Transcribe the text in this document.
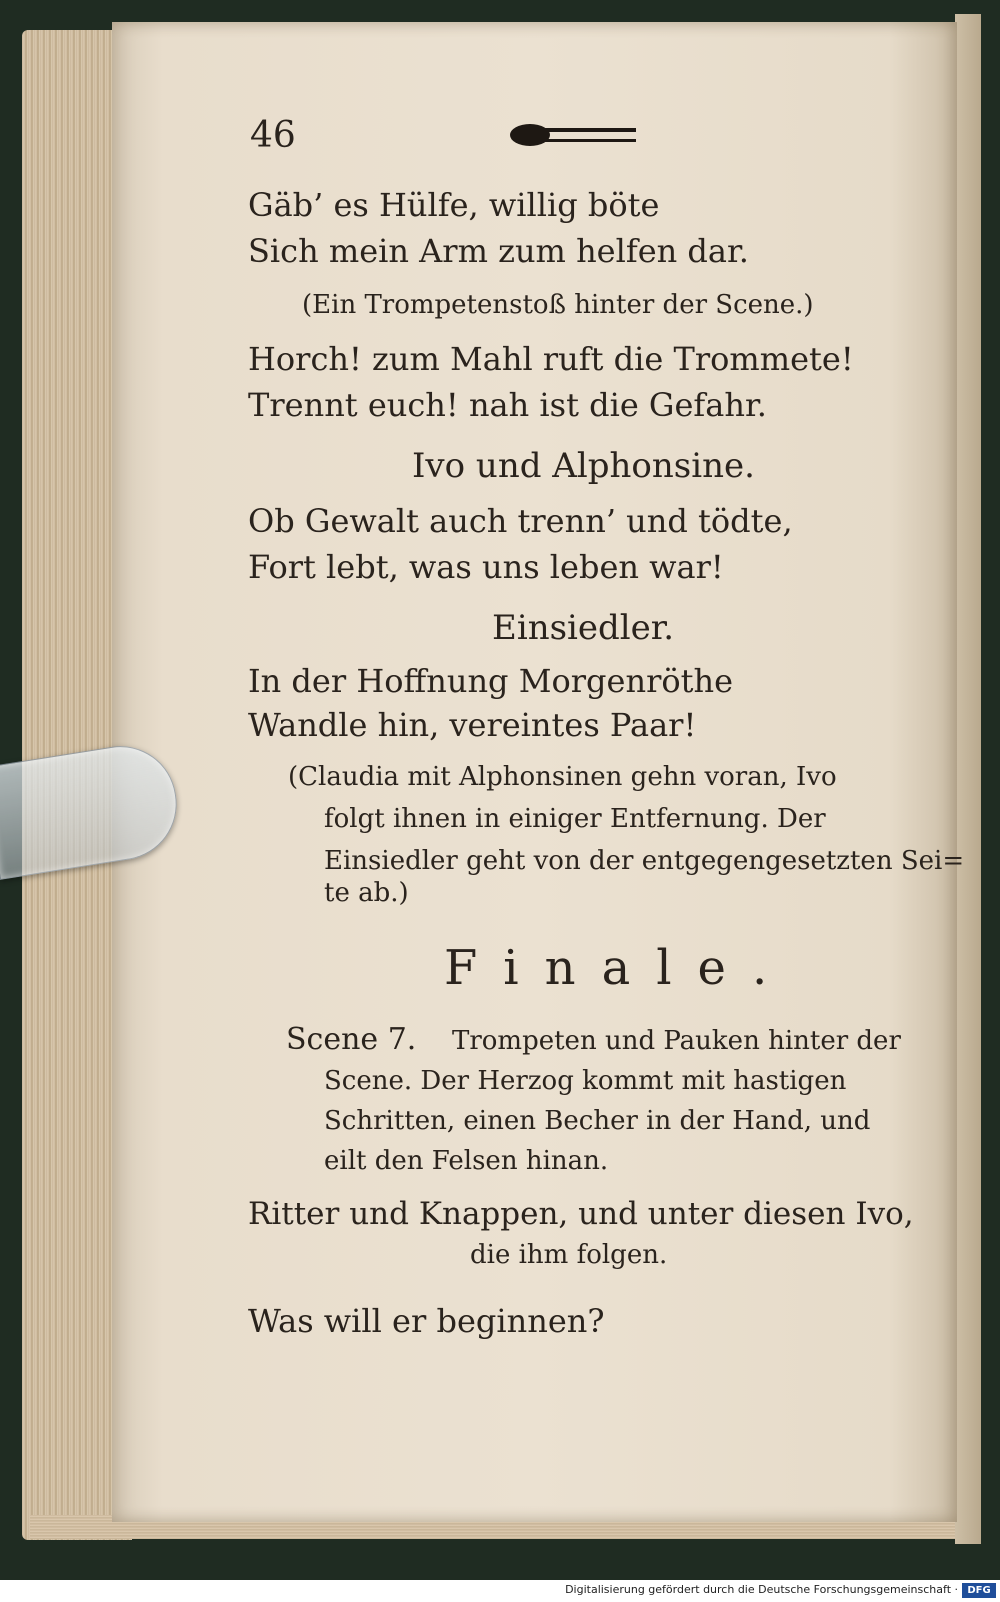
46
Gäb’ es Hülfe, willig böte
Sich mein Arm zum helfen dar.
(Ein Trompetenstoß hinter der Scene.)
Horch! zum Mahl ruft die Trommete!
Trennt euch! nah ist die Gefahr.
Ivo und Alphonsine.
Ob Gewalt auch trenn’ und tödte,
Fort lebt, was uns leben war!
Einsiedler.
In der Hoffnung Morgenröthe
Wandle hin, vereintes Paar!
(Claudia mit Alphonsinen gehn voran, Ivo
folgt ihnen in einiger Entfernung. Der
Einsiedler geht von der entgegengesetzten Sei=
te ab.)
Finale.
Scene 7. Trompeten und Pauken hinter der
Scene. Der Herzog kommt mit hastigen
Schritten, einen Becher in der Hand, und
eilt den Felsen hinan.
Ritter und Knappen, und unter diesen Ivo,
die ihm folgen.
Was will er beginnen?
Digitalisierung gefördert durch die Deutsche Forschungsgemeinschaft · DFG
